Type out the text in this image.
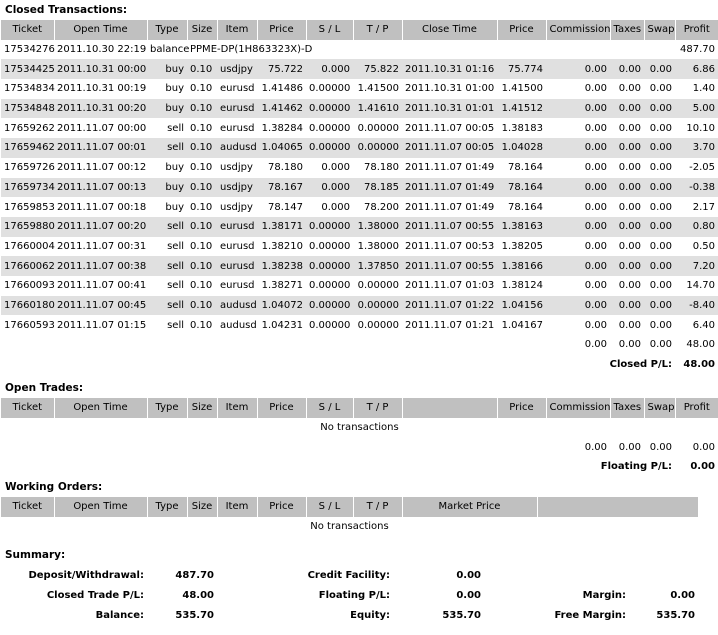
Closed Transactions:
Ticket	Open Time	Type	Size	Item	Price	S / L	T / P	Close Time	Price	Commission	Taxes	Swap	Profit
17534276	2011.10.30 22:19	balance	PPME-DP(1H863323X)-D										487.70
17534425	2011.10.31 00:00	buy	0.10	usdjpy	75.722	0.000	75.822	2011.10.31 01:16	75.774	0.00	0.00	0.00	6.86
17534834	2011.10.31 00:19	buy	0.10	eurusd	1.41486	0.00000	1.41500	2011.10.31 01:00	1.41500	0.00	0.00	0.00	1.40
17534848	2011.10.31 00:20	buy	0.10	eurusd	1.41462	0.00000	1.41610	2011.10.31 01:01	1.41512	0.00	0.00	0.00	5.00
17659262	2011.11.07 00:00	sell	0.10	eurusd	1.38284	0.00000	0.00000	2011.11.07 00:05	1.38183	0.00	0.00	0.00	10.10
17659462	2011.11.07 00:01	sell	0.10	audusd	1.04065	0.00000	0.00000	2011.11.07 00:05	1.04028	0.00	0.00	0.00	3.70
17659726	2011.11.07 00:12	buy	0.10	usdjpy	78.180	0.000	78.180	2011.11.07 01:49	78.164	0.00	0.00	0.00	-2.05
17659734	2011.11.07 00:13	buy	0.10	usdjpy	78.167	0.000	78.185	2011.11.07 01:49	78.164	0.00	0.00	0.00	-0.38
17659853	2011.11.07 00:18	buy	0.10	usdjpy	78.147	0.000	78.200	2011.11.07 01:49	78.164	0.00	0.00	0.00	2.17
17659880	2011.11.07 00:20	sell	0.10	eurusd	1.38171	0.00000	1.38000	2011.11.07 00:55	1.38163	0.00	0.00	0.00	0.80
17660004	2011.11.07 00:31	sell	0.10	eurusd	1.38210	0.00000	1.38000	2011.11.07 00:53	1.38205	0.00	0.00	0.00	0.50
17660062	2011.11.07 00:38	sell	0.10	eurusd	1.38238	0.00000	1.37850	2011.11.07 00:55	1.38166	0.00	0.00	0.00	7.20
17660093	2011.11.07 00:41	sell	0.10	eurusd	1.38271	0.00000	0.00000	2011.11.07 01:03	1.38124	0.00	0.00	0.00	14.70
17660180	2011.11.07 00:45	sell	0.10	audusd	1.04072	0.00000	0.00000	2011.11.07 01:22	1.04156	0.00	0.00	0.00	-8.40
17660593	2011.11.07 01:15	sell	0.10	audusd	1.04231	0.00000	0.00000	2011.11.07 01:21	1.04167	0.00	0.00	0.00	6.40
										0.00	0.00	0.00	48.00
										Closed P/L:			48.00
Open Trades:
Ticket	Open Time	Type	Size	Item	Price	S / L	T / P		Price	Commission	Taxes	Swap	Profit
No transactions													
										0.00	0.00	0.00	0.00
										Floating P/L:			0.00
Working Orders:
Ticket	Open Time	Type	Size	Item	Price	S / L	T / P	Market Price	
No transactions
Summary:
Deposit/Withdrawal:	487.70	Credit Facility:	0.00		
Closed Trade P/L:	48.00	Floating P/L:	0.00	Margin:	0.00
Balance:	535.70	Equity:	535.70	Free Margin:	535.70
